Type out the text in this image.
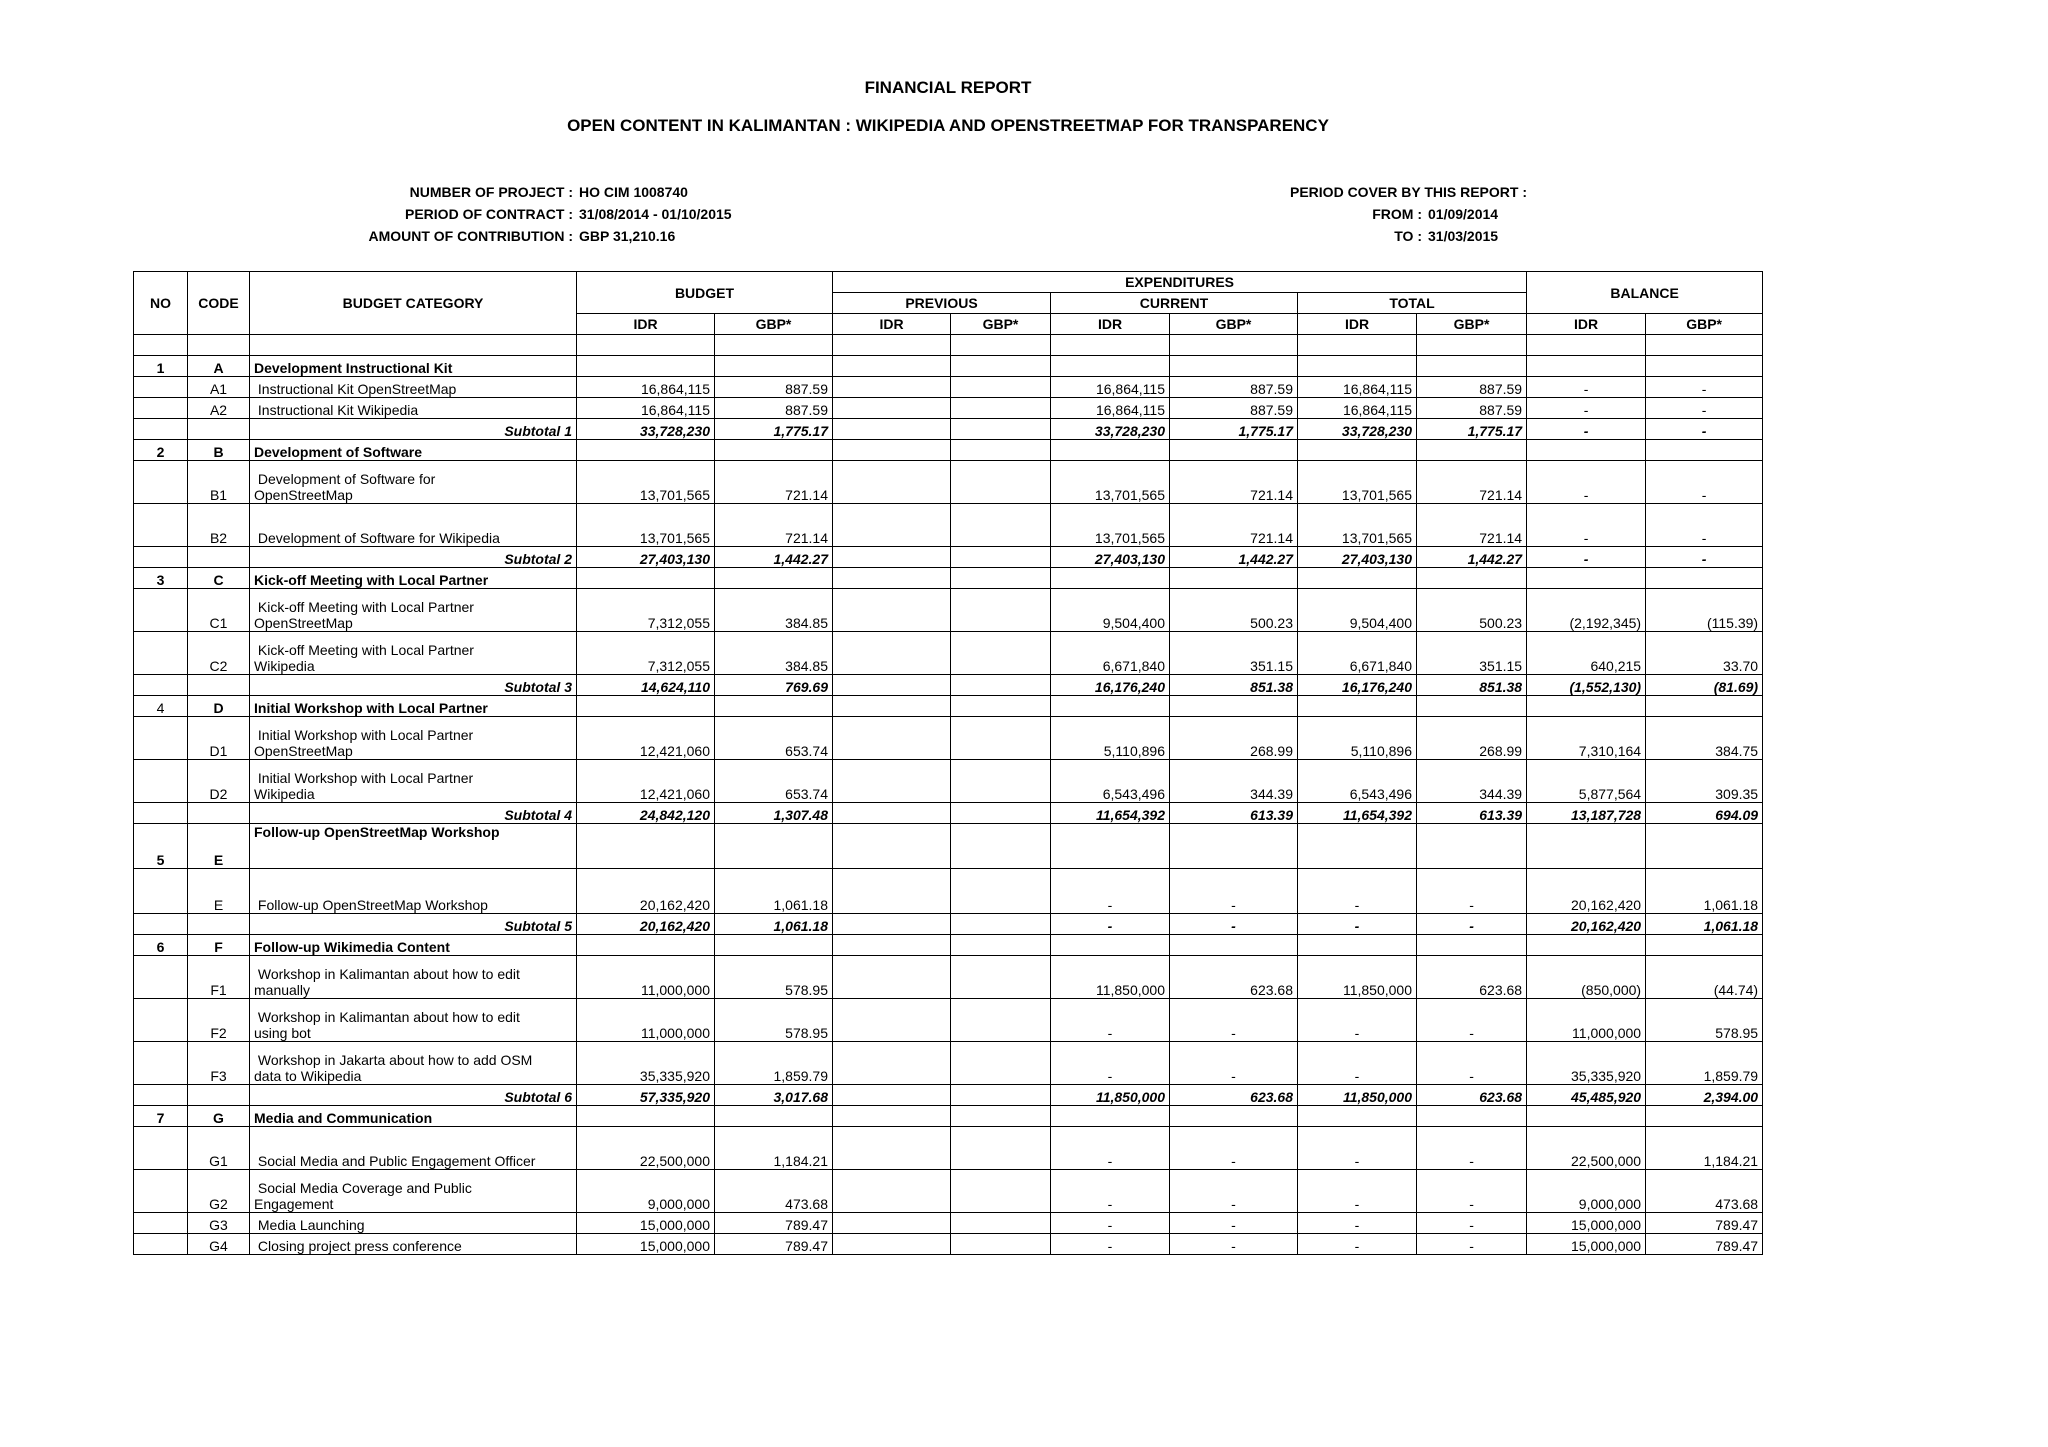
FINANCIAL REPORT
OPEN CONTENT IN KALIMANTAN : WIKIPEDIA AND OPENSTREETMAP FOR TRANSPARENCY
NUMBER OF PROJECT : HO CIM 1008740
PERIOD OF CONTRACT : 31/08/2014 - 01/10/2015
AMOUNT OF CONTRIBUTION : GBP 31,210.16
PERIOD COVER BY THIS REPORT :
FROM : 01/09/2014
TO : 31/03/2015
NO	CODE	BUDGET CATEGORY	BUDGET		EXPENDITURES						BALANCE	
					PREVIOUS		CURRENT		TOTAL			
			IDR	GBP*	IDR	GBP*	IDR	GBP*	IDR	GBP*	IDR	GBP*

1	A	Development Instructional Kit										
	A1	Instructional Kit OpenStreetMap	16,864,115	887.59			16,864,115	887.59	16,864,115	887.59	-	-
	A2	Instructional Kit Wikipedia	16,864,115	887.59			16,864,115	887.59	16,864,115	887.59	-	-
		Subtotal 1	33,728,230	1,775.17			33,728,230	1,775.17	33,728,230	1,775.17	-	-
2	B	Development of Software										
	B1	Development of Software for
OpenStreetMap	13,701,565	721.14			13,701,565	721.14	13,701,565	721.14	-	-
	B2	Development of Software for Wikipedia	13,701,565	721.14			13,701,565	721.14	13,701,565	721.14	-	-
		Subtotal 2	27,403,130	1,442.27			27,403,130	1,442.27	27,403,130	1,442.27	-	-
3	C	Kick-off Meeting with Local Partner										
	C1	Kick-off Meeting with Local Partner
OpenStreetMap	7,312,055	384.85			9,504,400	500.23	9,504,400	500.23	(2,192,345)	(115.39)
	C2	Kick-off Meeting with Local Partner
Wikipedia	7,312,055	384.85			6,671,840	351.15	6,671,840	351.15	640,215	33.70
		Subtotal 3	14,624,110	769.69			16,176,240	851.38	16,176,240	851.38	(1,552,130)	(81.69)
4	D	Initial Workshop with Local Partner										
	D1	Initial Workshop with Local Partner
OpenStreetMap	12,421,060	653.74			5,110,896	268.99	5,110,896	268.99	7,310,164	384.75
	D2	Initial Workshop with Local Partner
Wikipedia	12,421,060	653.74			6,543,496	344.39	6,543,496	344.39	5,877,564	309.35
		Subtotal 4	24,842,120	1,307.48			11,654,392	613.39	11,654,392	613.39	13,187,728	694.09
5	E	Follow-up OpenStreetMap Workshop										
	E	Follow-up OpenStreetMap Workshop	20,162,420	1,061.18			-	-	-	-	20,162,420	1,061.18
		Subtotal 5	20,162,420	1,061.18			-	-	-	-	20,162,420	1,061.18
6	F	Follow-up Wikimedia Content										
	F1	Workshop in Kalimantan about how to edit
manually	11,000,000	578.95			11,850,000	623.68	11,850,000	623.68	(850,000)	(44.74)
	F2	Workshop in Kalimantan about how to edit
using bot	11,000,000	578.95			-	-	-	-	11,000,000	578.95
	F3	Workshop in Jakarta about how to add OSM
data to Wikipedia	35,335,920	1,859.79			-	-	-	-	35,335,920	1,859.79
		Subtotal 6	57,335,920	3,017.68			11,850,000	623.68	11,850,000	623.68	45,485,920	2,394.00
7	G	Media and Communication										
	G1	Social Media and Public Engagement Officer	22,500,000	1,184.21			-	-	-	-	22,500,000	1,184.21
	G2	Social Media Coverage and Public
Engagement	9,000,000	473.68			-	-	-	-	9,000,000	473.68
	G3	Media Launching	15,000,000	789.47			-	-	-	-	15,000,000	789.47
	G4	Closing project press conference	15,000,000	789.47			-	-	-	-	15,000,000	789.47
